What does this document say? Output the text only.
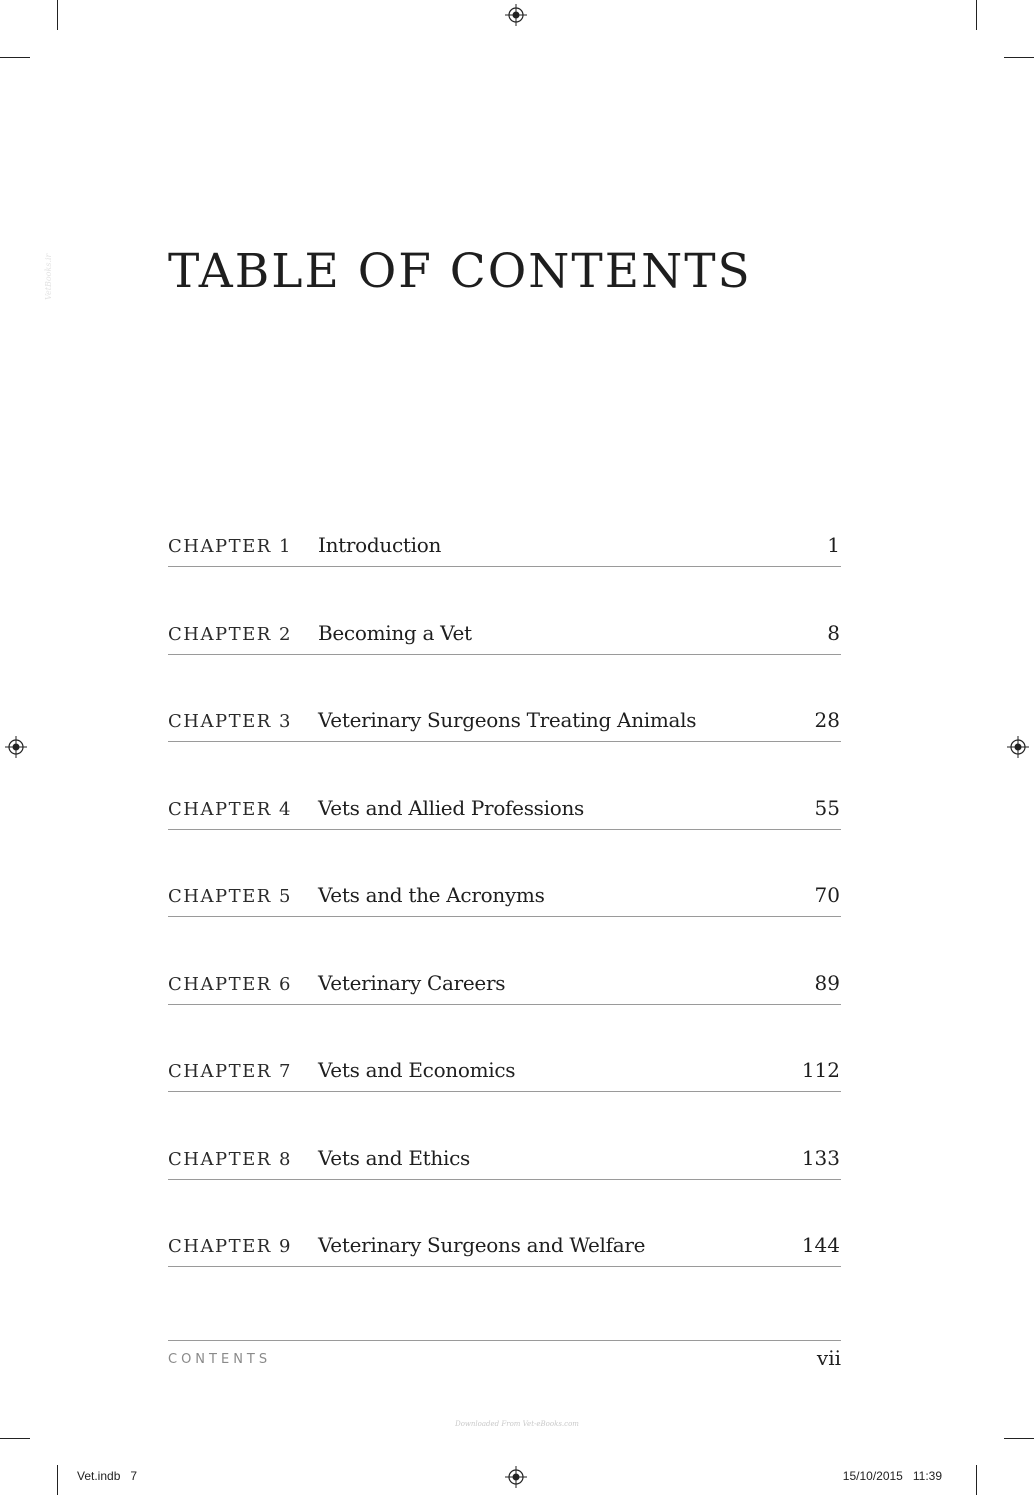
VetBooks.ir TABLE OF CONTENTS
CHAPTER 1 Introduction	1
CHAPTER 2 Becoming a Vet	8
CHAPTER 3 Veterinary Surgeons Treating Animals	28
CHAPTER 4 Vets and Allied Professions	55
CHAPTER 5 Vets and the Acronyms	70
CHAPTER 6 Veterinary Careers	89
CHAPTER 7 Vets and Economics	112
CHAPTER 8 Vets and Ethics	133
CHAPTER 9 Veterinary Surgeons and Welfare	144
CONTENTS	vii
Downloaded From Vet-eBooks.com
Vet.indb   7	15/10/2015   11:39
